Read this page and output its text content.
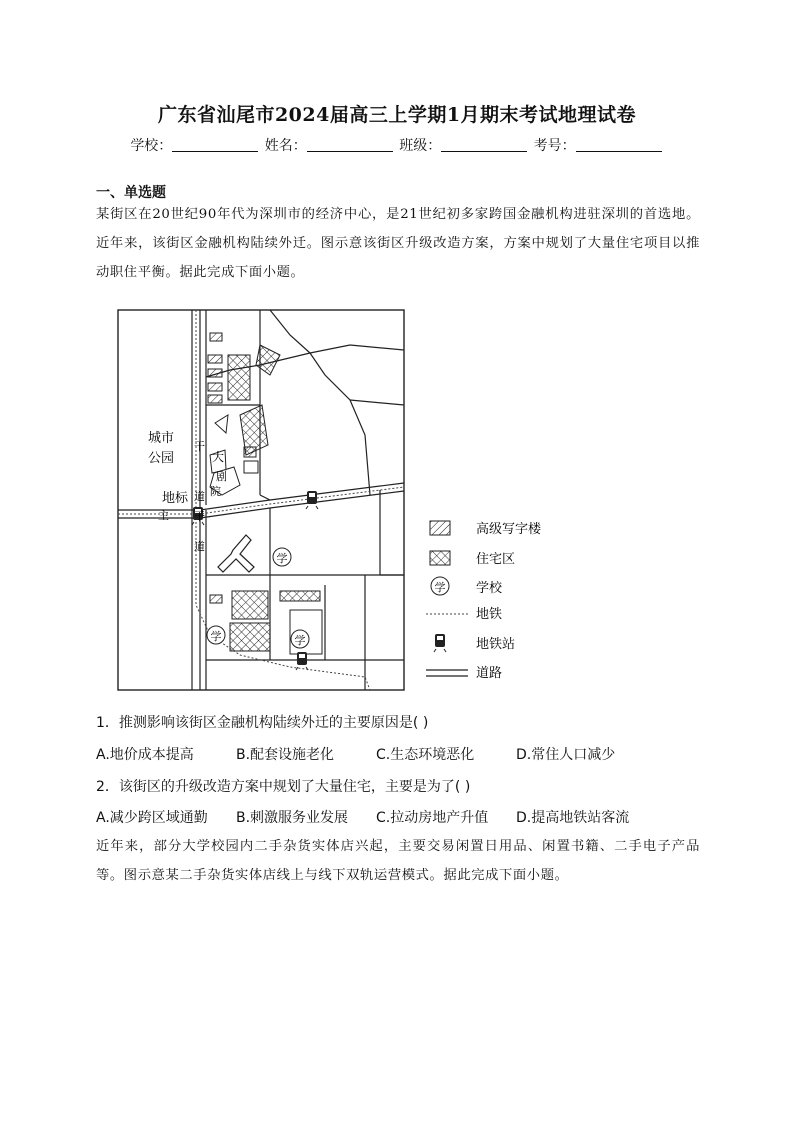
广东省汕尾市2024届高三上学期1月期末考试地理试卷
学校：	姓名：	班级：	考号：
一、单选题
某街区在20世纪90年代为深圳市的经济中心，是21世纪初多家跨国金融机构进驻深圳的首选地。近年来，该街区金融机构陆续外迁。图示意该街区升级改造方案，方案中规划了大量住宅项目以推动职住平衡。据此完成下面小题。
学
学	学
城市
公园	大
剧
院
地标
干
道
主 干
道
高级写字楼
住宅区
学 学校
地铁
地铁站
道路
1．推测影响该街区金融机构陆续外迁的主要原因是( )
A.地价成本提高	B.配套设施老化	C.生态环境恶化	D.常住人口减少
2．该街区的升级改造方案中规划了大量住宅，主要是为了( )
A.减少跨区域通勤 B.刺激服务业发展 C.拉动房地产升值 D.提高地铁站客流
近年来，部分大学校园内二手杂货实体店兴起，主要交易闲置日用品、闲置书籍、二手电子产品等。图示意某二手杂货实体店线上与线下双轨运营模式。据此完成下面小题。
